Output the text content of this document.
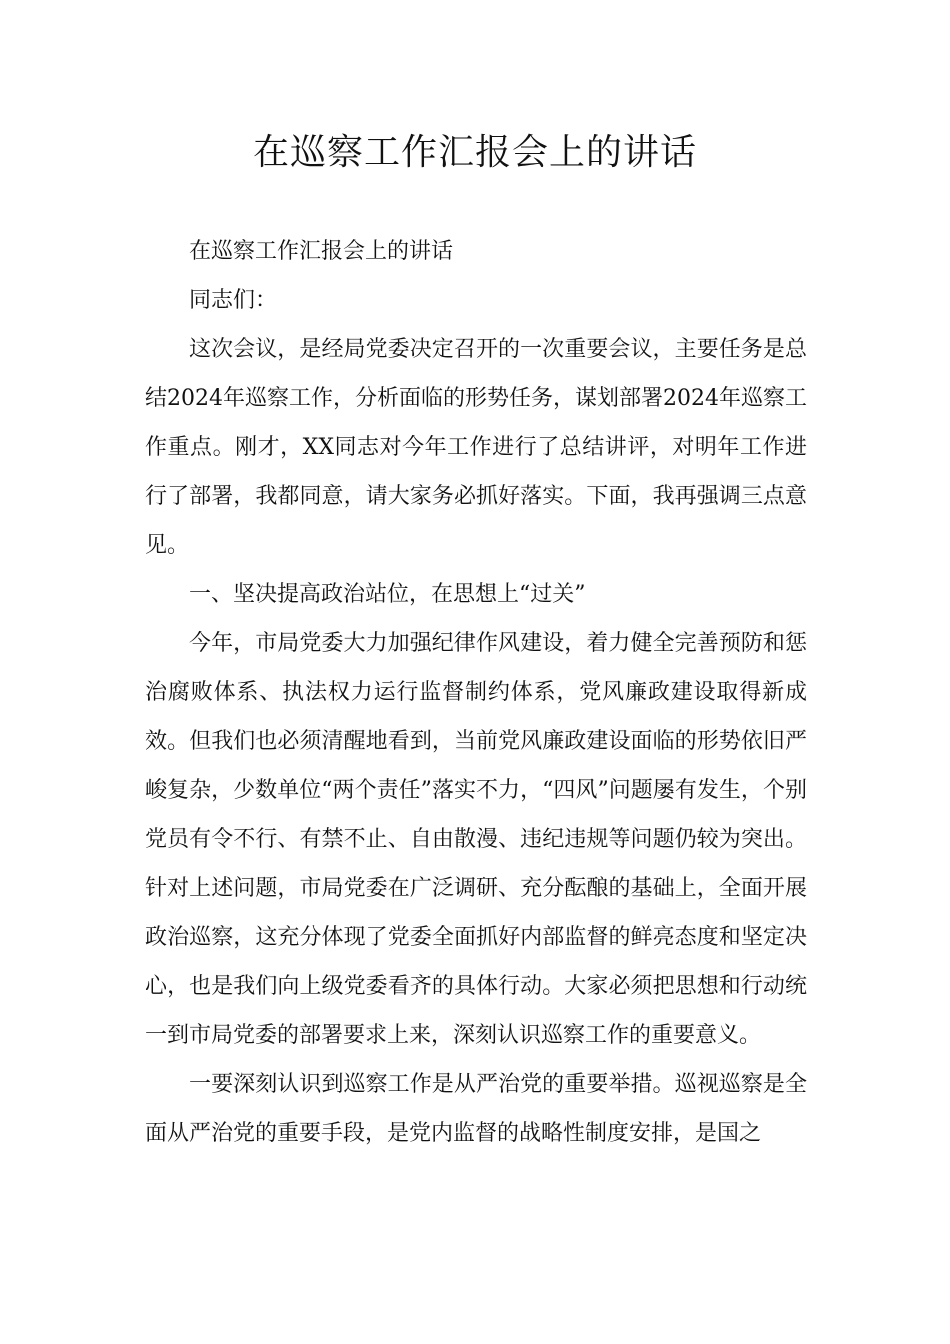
在巡察工作汇报会上的讲话

在巡察工作汇报会上的讲话

同志们：

这次会议，是经局党委决定召开的一次重要会议，主要任务是总结2024年巡察工作，分析面临的形势任务，谋划部署2024年巡察工作重点。刚才，XX同志对今年工作进行了总结讲评，对明年工作进行了部署，我都同意，请大家务必抓好落实。下面，我再强调三点意见。

一、坚决提高政治站位，在思想上“过关”

今年，市局党委大力加强纪律作风建设，着力健全完善预防和惩治腐败体系、执法权力运行监督制约体系，党风廉政建设取得新成效。但我们也必须清醒地看到，当前党风廉政建设面临的形势依旧严峻复杂，少数单位“两个责任”落实不力，“四风”问题屡有发生，个别党员有令不行、有禁不止、自由散漫、违纪违规等问题仍较为突出。针对上述问题，市局党委在广泛调研、充分酝酿的基础上，全面开展政治巡察，这充分体现了党委全面抓好内部监督的鲜亮态度和坚定决心，也是我们向上级党委看齐的具体行动。大家必须把思想和行动统一到市局党委的部署要求上来，深刻认识巡察工作的重要意义。

一要深刻认识到巡察工作是从严治党的重要举措。巡视巡察是全面从严治党的重要手段，是党内监督的战略性制度安排，是国之
